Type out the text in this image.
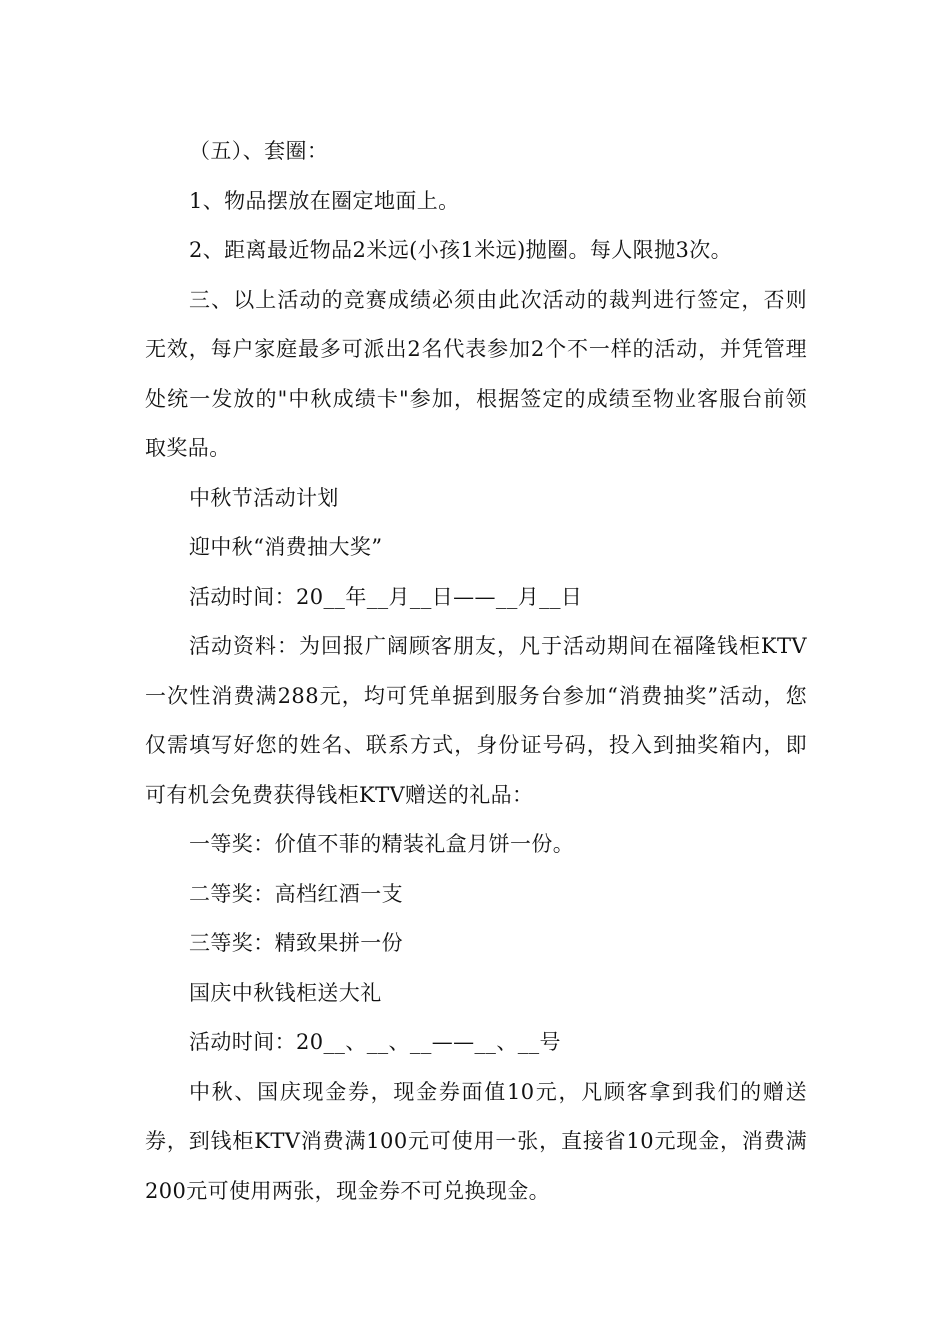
（五）、套圈：

1、物品摆放在圈定地面上。

2、距离最近物品2米远(小孩1米远)抛圈。每人限抛3次。

三、以上活动的竞赛成绩必须由此次活动的裁判进行签定，否则无效，每户家庭最多可派出2名代表参加2个不一样的活动，并凭管理处统一发放的"中秋成绩卡"参加，根据签定的成绩至物业客服台前领取奖品。

中秋节活动计划

迎中秋“消费抽大奖”

活动时间：20__年__月__日——__月__日

活动资料：为回报广阔顾客朋友，凡于活动期间在福隆钱柜KTV一次性消费满288元，均可凭单据到服务台参加“消费抽奖”活动，您仅需填写好您的姓名、联系方式，身份证号码，投入到抽奖箱内，即可有机会免费获得钱柜KTV赠送的礼品：

一等奖：价值不菲的精装礼盒月饼一份。

二等奖：高档红酒一支

三等奖：精致果拼一份

国庆中秋钱柜送大礼

活动时间：20__、__、__——__、__号

中秋、国庆现金券，现金券面值10元，凡顾客拿到我们的赠送券，到钱柜KTV消费满100元可使用一张，直接省10元现金，消费满200元可使用两张，现金券不可兑换现金。
